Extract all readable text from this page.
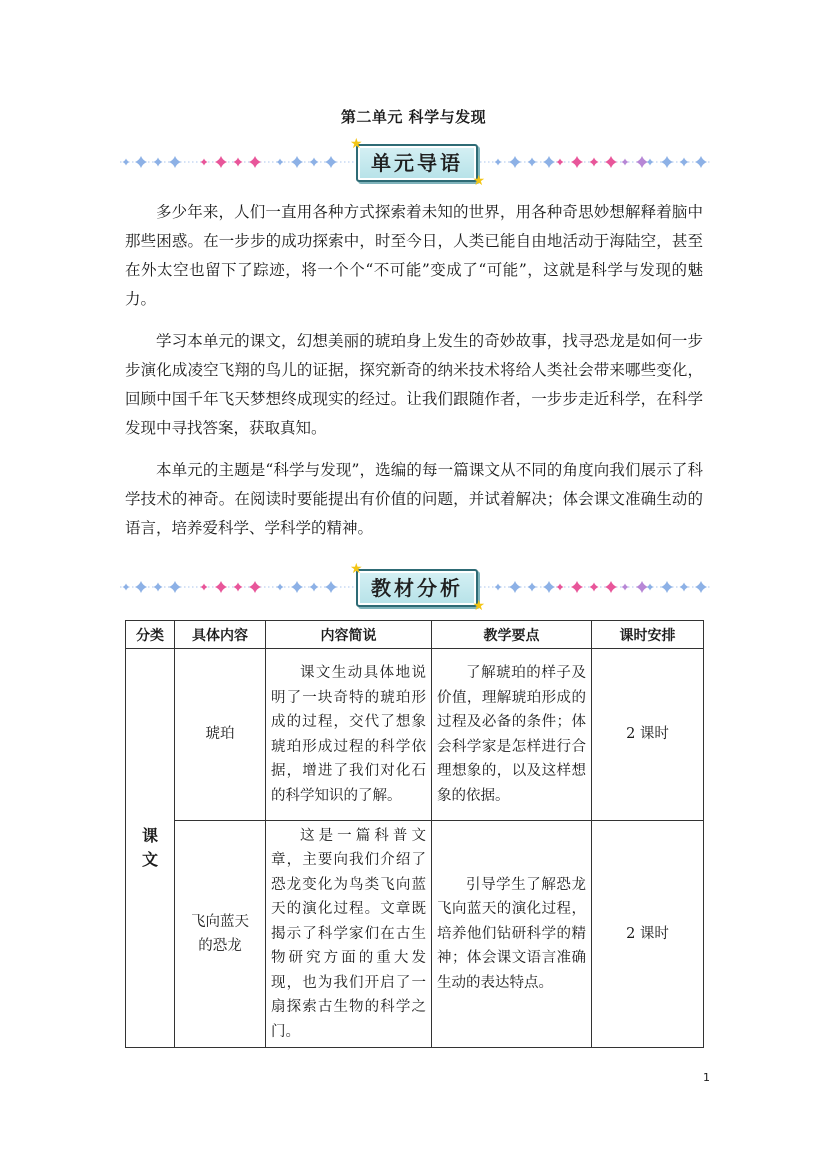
第二单元 科学与发现
单元导语
★
★

多少年来，人们一直用各种方式探索着未知的世界，用各种奇思妙想解释着脑中那些困惑。在一步步的成功探索中，时至今日，人类已能自由地活动于海陆空，甚至在外太空也留下了踪迹，将一个个“不可能”变成了“可能”，这就是科学与发现的魅力。

学习本单元的课文，幻想美丽的琥珀身上发生的奇妙故事，找寻恐龙是如何一步步演化成凌空飞翔的鸟儿的证据，探究新奇的纳米技术将给人类社会带来哪些变化，回顾中国千年飞天梦想终成现实的经过。让我们跟随作者，一步步走近科学，在科学发现中寻找答案，获取真知。

本单元的主题是“科学与发现”，选编的每一篇课文从不同的角度向我们展示了科学技术的神奇。在阅读时要能提出有价值的问题，并试着解决；体会课文准确生动的语言，培养爱科学、学科学的精神。

教材分析
★
★
分类	具体内容	内容简说	教学要点	课时安排

课文	琥珀	课文生动具体地说明了一块奇特的琥珀形成的过程，交代了想象琥珀形成过程的科学依据，增进了我们对化石的科学知识的了解。	了解琥珀的样子及价值，理解琥珀形成的过程及必备的条件；体会科学家是怎样进行合理想象的，以及这样想象的依据。	2 课时

	飞向蓝天的恐龙	这是一篇科普文章，主要向我们介绍了恐龙变化为鸟类飞向蓝天的演化过程。文章既揭示了科学家们在古生物研究方面的重大发现，也为我们开启了一扇探索古生物的科学之门。	引导学生了解恐龙飞向蓝天的演化过程，培养他们钻研科学的精神；体会课文语言准确生动的表达特点。	2 课时
1
